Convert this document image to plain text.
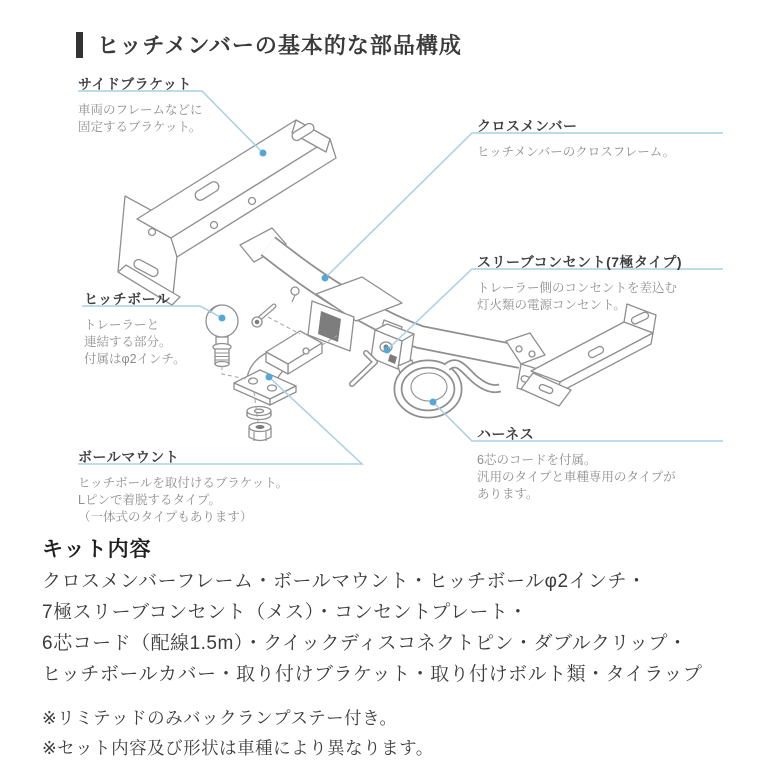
ヒッチメンバーの基本的な部品構成
サイドブラケット
車両のフレームなどに
固定するブラケット。	クロスメンバー
ヒッチメンバーのクロスフレーム。
スリーブコンセント(7極タイプ)
トレーラー側のコンセントを差込む
灯火類の電源コンセント。
ヒッチボール
トレーラーと
連結する部分。
付属はφ2インチ。
ハーネス
6芯のコードを付属。
汎用のタイプと車種専用のタイプが
あります。
ボールマウント
ヒッチボールを取付けるブラケット。
Lピンで着脱するタイプ。
（一体式のタイプもあります）
キット内容
クロスメンバーフレーム・ボールマウント・ヒッチボールφ2インチ・
7極スリーブコンセント（メス）・コンセントプレート・
6芯コード（配線1.5m）・クイックディスコネクトピン・ダブルクリップ・
ヒッチボールカバー・取り付けブラケット・取り付けボルト類・タイラップ
※リミテッドのみバックランプステー付き。
※セット内容及び形状は車種により異なります。
